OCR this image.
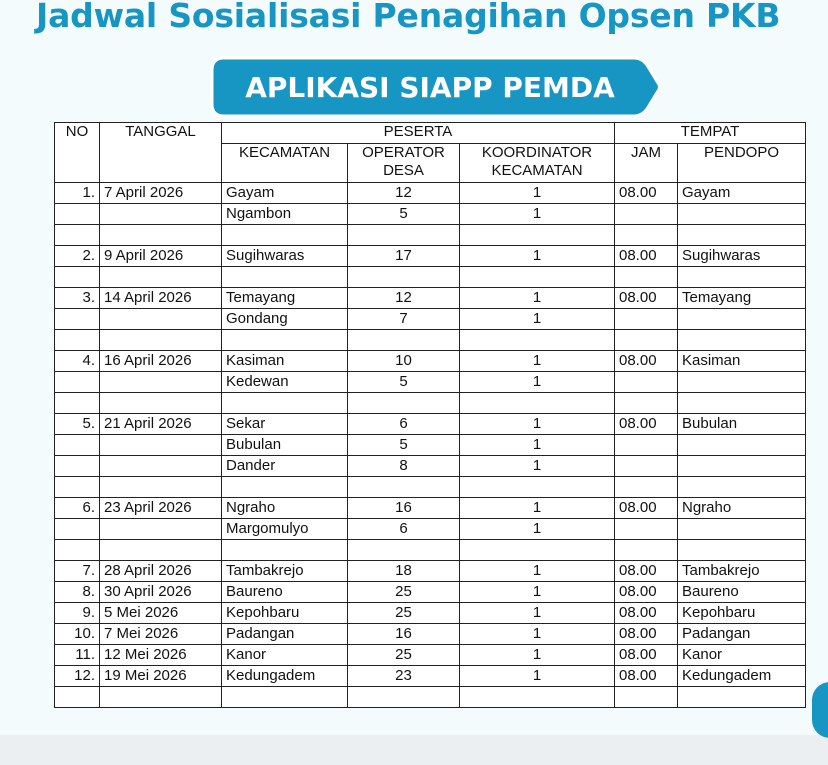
Jadwal Sosialisasi Penagihan Opsen PKB
APLIKASI SIAPP PEMDA
NO	TANGGAL	PESERTA			TEMPAT	
		KECAMATAN	OPERATOR DESA	KOORDINATOR KECAMATAN	JAM	PENDOPO
1.	7 April 2026	Gayam	12	1	08.00	Gayam
		Ngambon	5	1		

2.	9 April 2026	Sugihwaras	17	1	08.00	Sugihwaras

3.	14 April 2026	Temayang	12	1	08.00	Temayang
		Gondang	7	1		

4.	16 April 2026	Kasiman	10	1	08.00	Kasiman
		Kedewan	5	1		

5.	21 April 2026	Sekar	6	1	08.00	Bubulan
		Bubulan	5	1		
		Dander	8	1		

6.	23 April 2026	Ngraho	16	1	08.00	Ngraho
		Margomulyo	6	1		

7.	28 April 2026	Tambakrejo	18	1	08.00	Tambakrejo
8.	30 April 2026	Baureno	25	1	08.00	Baureno
9.	5 Mei 2026	Kepohbaru	25	1	08.00	Kepohbaru
10.	7 Mei 2026	Padangan	16	1	08.00	Padangan
11.	12 Mei 2026	Kanor	25	1	08.00	Kanor
12.	19 Mei 2026	Kedungadem	23	1	08.00	Kedungadem
